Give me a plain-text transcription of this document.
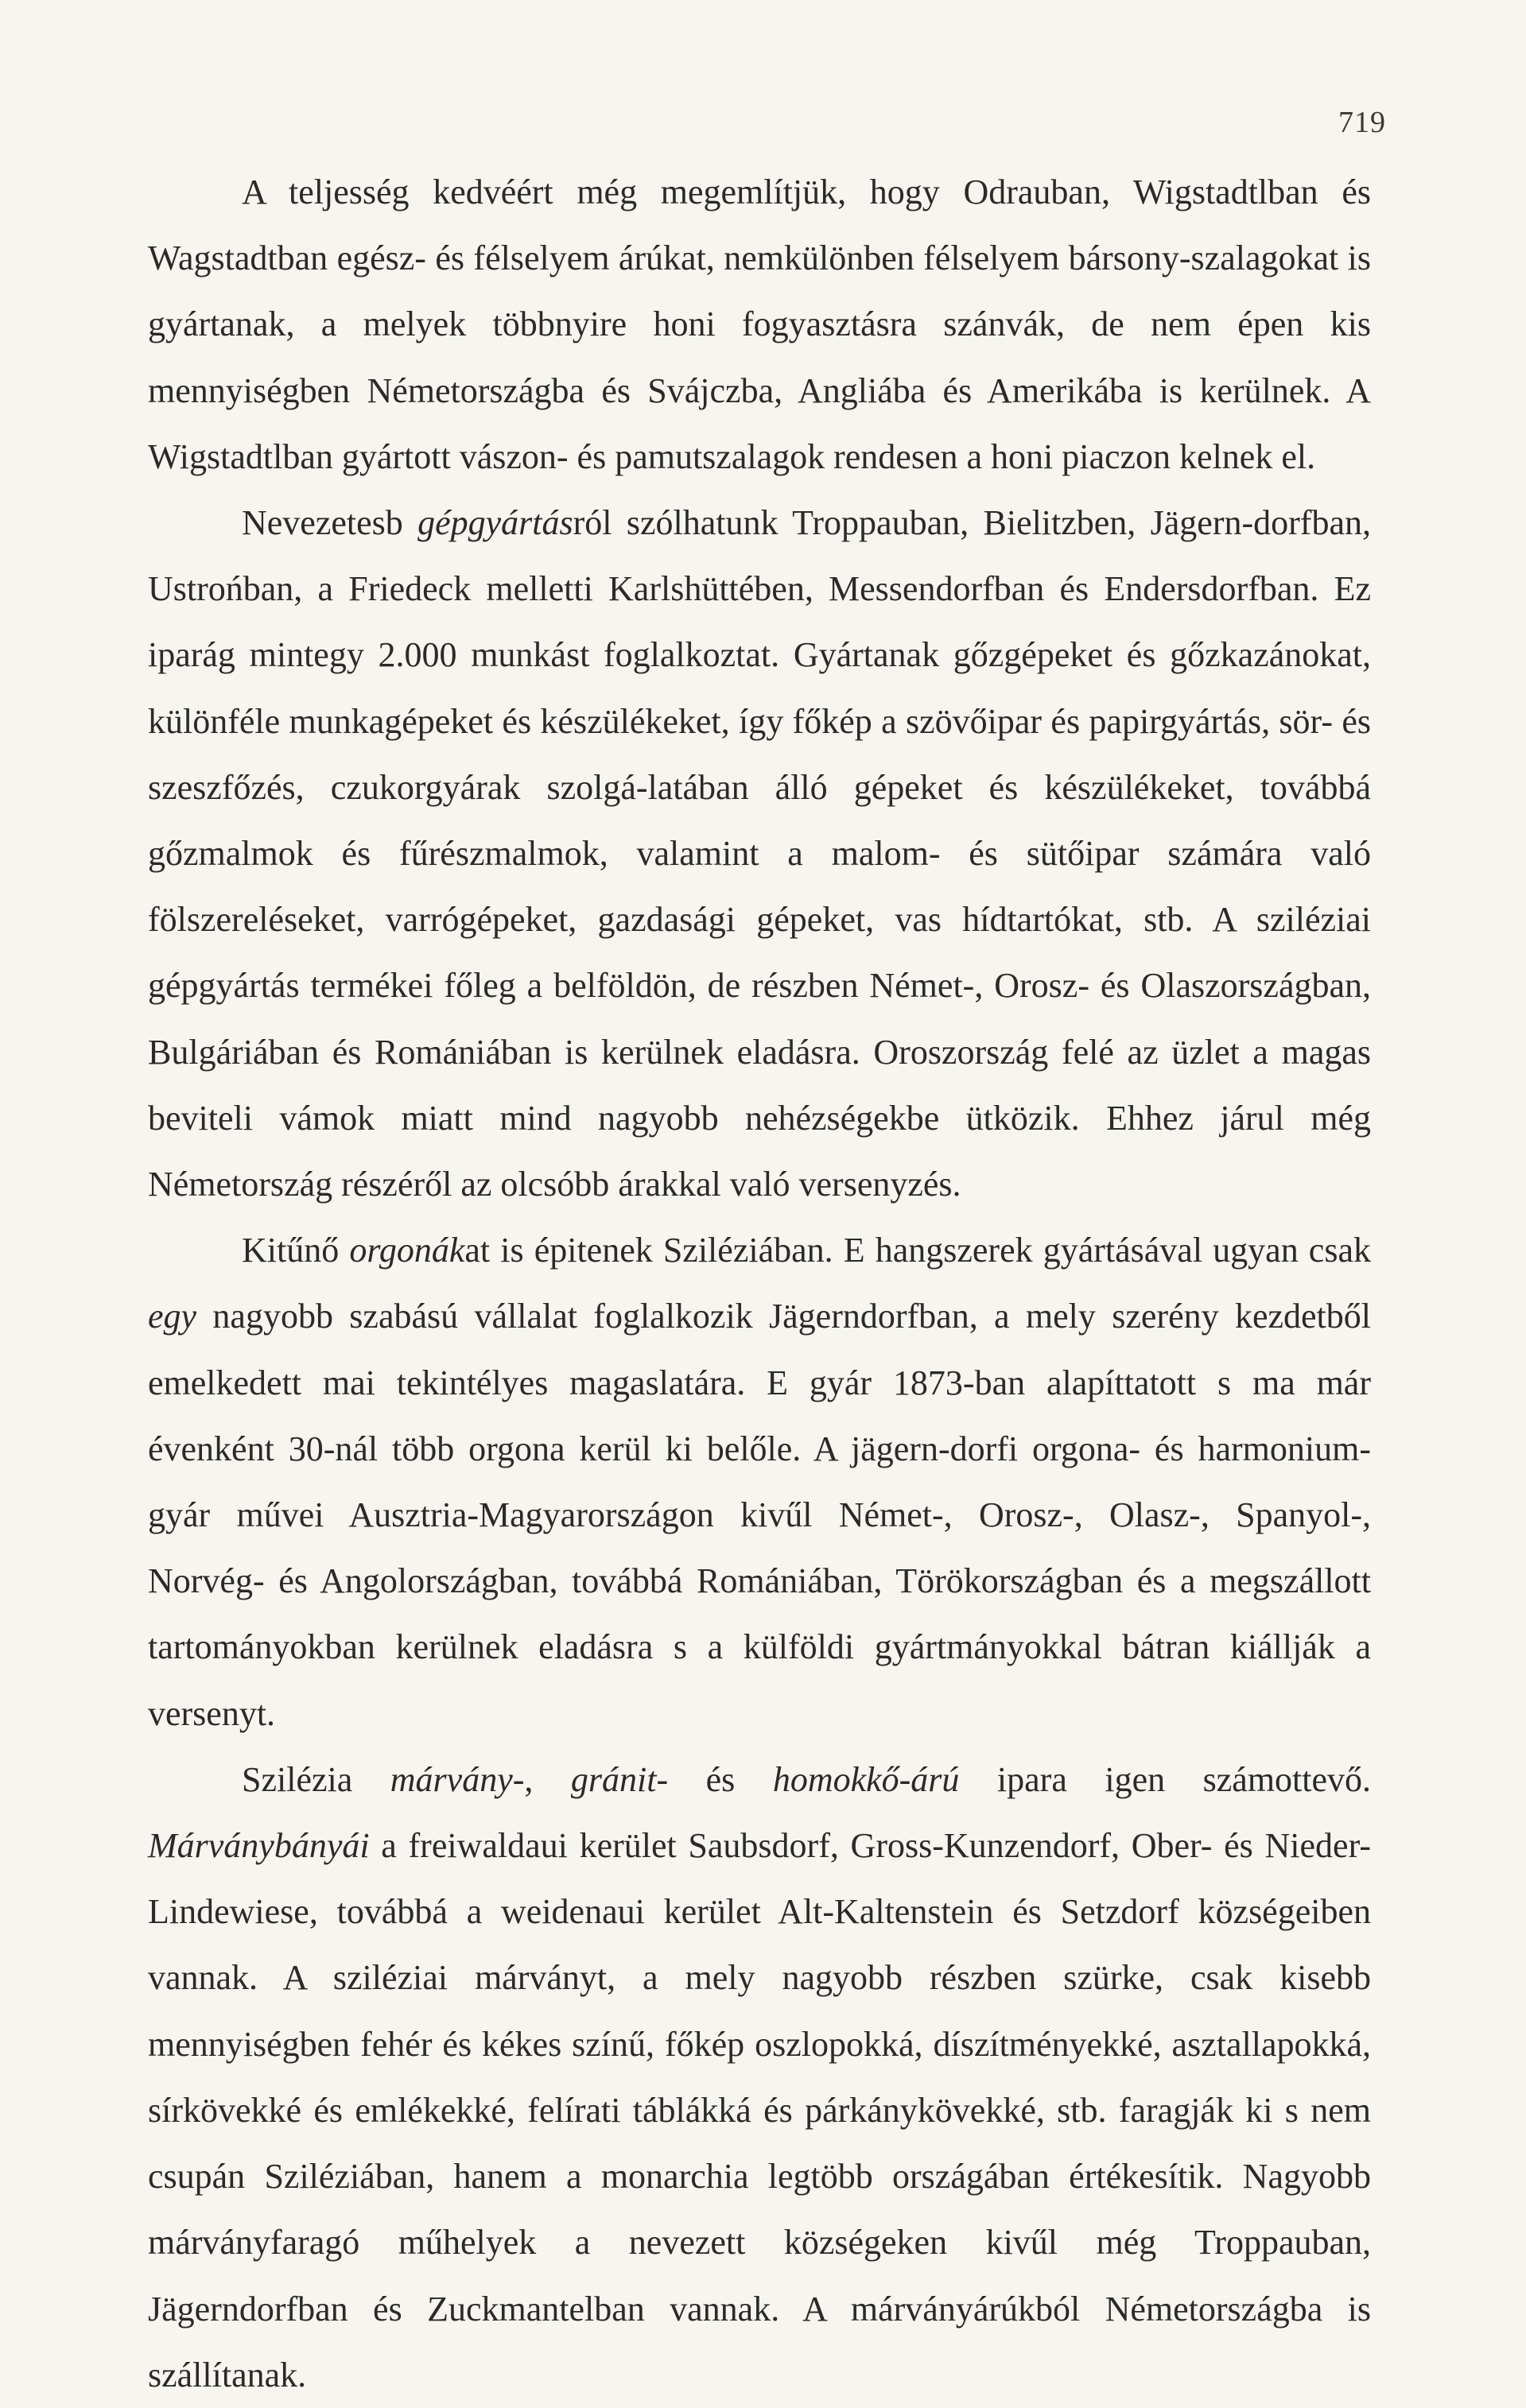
719

A teljesség kedvéért még megemlítjük, hogy Odrauban, Wigstadtlban és Wagstadtban egész- és félselyem árúkat, nemkülönben félselyem bársony-szalagokat is gyártanak, a melyek többnyire honi fogyasztásra szánvák, de nem épen kis mennyiségben Németországba és Svájczba, Angliába és Amerikába is kerülnek. A Wigstadtlban gyártott vászon- és pamutszalagok rendesen a honi piaczon kelnek el.

Nevezetesb gépgyártásról szólhatunk Troppauban, Bielitzben, Jägern-dorfban, Ustrońban, a Friedeck melletti Karlshüttében, Messendorfban és Endersdorfban. Ez iparág mintegy 2.000 munkást foglalkoztat. Gyártanak gőzgépeket és gőzkazánokat, különféle munkagépeket és készülékeket, így főkép a szövőipar és papirgyártás, sör- és szeszfőzés, czukorgyárak szolgá-latában álló gépeket és készülékeket, továbbá gőzmalmok és fűrészmalmok, valamint a malom- és sütőipar számára való fölszereléseket, varrógépeket, gazdasági gépeket, vas hídtartókat, stb. A sziléziai gépgyártás termékei főleg a belföldön, de részben Német-, Orosz- és Olaszországban, Bulgáriában és Romániában is kerülnek eladásra. Oroszország felé az üzlet a magas beviteli vámok miatt mind nagyobb nehézségekbe ütközik. Ehhez járul még Németország részéről az olcsóbb árakkal való versenyzés.

Kitűnő orgonákat is épitenek Sziléziában. E hangszerek gyártásával ugyan csak egy nagyobb szabású vállalat foglalkozik Jägerndorfban, a mely szerény kezdetből emelkedett mai tekintélyes magaslatára. E gyár 1873-ban alapíttatott s ma már évenként 30-nál több orgona kerül ki belőle. A jägern-dorfi orgona- és harmonium-gyár művei Ausztria-Magyarországon kivűl Német-, Orosz-, Olasz-, Spanyol-, Norvég- és Angolországban, továbbá Romániában, Törökországban és a megszállott tartományokban kerülnek eladásra s a külföldi gyártmányokkal bátran kiállják a versenyt.

Szilézia márvány-, gránit- és homokkő-árú ipara igen számottevő. Márványbányái a freiwaldaui kerület Saubsdorf, Gross-Kunzendorf, Ober- és Nieder-Lindewiese, továbbá a weidenaui kerület Alt-Kaltenstein és Setzdorf községeiben vannak. A sziléziai márványt, a mely nagyobb részben szürke, csak kisebb mennyiségben fehér és kékes színű, főkép oszlopokká, díszítményekké, asztallapokká, sírkövekké és emlékekké, felírati táblákká és párkánykövekké, stb. faragják ki s nem csupán Sziléziában, hanem a monarchia legtöbb országában értékesítik. Nagyobb márványfaragó műhelyek a nevezett községeken kivűl még Troppauban, Jägerndorfban és Zuckmantelban vannak. A márványárúkból Németországba is szállítanak.
